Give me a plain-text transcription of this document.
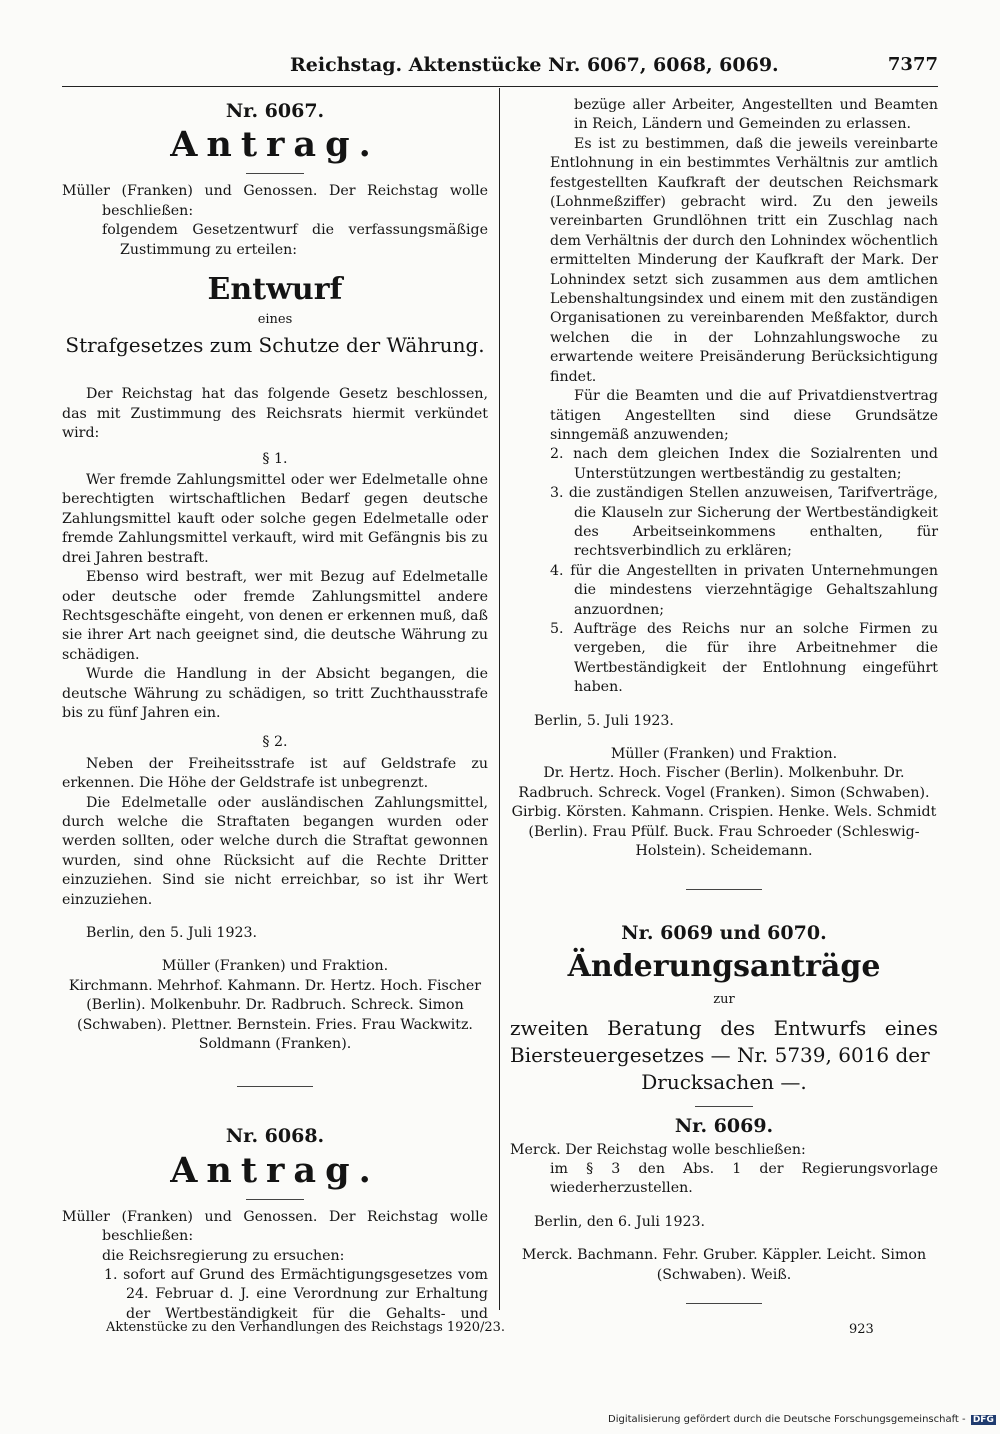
Reichstag. Aktenstücke Nr. 6067, 6068, 6069.	7377
Nr. 6067.
Antrag.

Müller (Franken) und Genossen. Der Reichstag wolle beschließen:

folgendem Gesetzentwurf die verfassungsmäßige Zustimmung zu erteilen:

Entwurf
eines
Strafgesetzes zum Schutze der Währung.

Der Reichstag hat das folgende Gesetz beschlossen, das mit Zustimmung des Reichsrats hiermit verkündet wird:

§ 1.

Wer fremde Zahlungsmittel oder wer Edelmetalle ohne berechtigten wirtschaftlichen Bedarf gegen deutsche Zahlungsmittel kauft oder solche gegen Edelmetalle oder fremde Zahlungsmittel verkauft, wird mit Gefängnis bis zu drei Jahren bestraft.

Ebenso wird bestraft, wer mit Bezug auf Edelmetalle oder deutsche oder fremde Zahlungsmittel andere Rechtsgeschäfte eingeht, von denen er erkennen muß, daß sie ihrer Art nach geeignet sind, die deutsche Währung zu schädigen.

Wurde die Handlung in der Absicht begangen, die deutsche Währung zu schädigen, so tritt Zuchthausstrafe bis zu fünf Jahren ein.

§ 2.

Neben der Freiheitsstrafe ist auf Geldstrafe zu erkennen. Die Höhe der Geldstrafe ist unbegrenzt.

Die Edelmetalle oder ausländischen Zahlungsmittel, durch welche die Straftaten begangen wurden oder werden sollten, oder welche durch die Straftat gewonnen wurden, sind ohne Rücksicht auf die Rechte Dritter einzuziehen. Sind sie nicht erreichbar, so ist ihr Wert einzuziehen.

Berlin, den 5. Juli 1923.

Müller (Franken) und Fraktion.

Kirchmann. Mehrhof. Kahmann. Dr. Hertz. Hoch. Fischer (Berlin). Molkenbuhr. Dr. Radbruch. Schreck. Simon (Schwaben). Plettner. Bernstein. Fries. Frau Wackwitz. Soldmann (Franken).

Nr. 6068.
Antrag.

Müller (Franken) und Genossen. Der Reichstag wolle beschließen:

die Reichsregierung zu ersuchen:

1. sofort auf Grund des Ermächtigungsgesetzes vom 24. Februar d. J. eine Verordnung zur Erhaltung der Wertbeständigkeit für die Gehalts- und

bezüge aller Arbeiter, Angestellten und Beamten in Reich, Ländern und Gemeinden zu erlassen.

Es ist zu bestimmen, daß die jeweils vereinbarte Entlohnung in ein bestimmtes Verhältnis zur amtlich festgestellten Kaufkraft der deutschen Reichsmark (Lohnmeßziffer) gebracht wird. Zu den jeweils vereinbarten Grundlöhnen tritt ein Zuschlag nach dem Verhältnis der durch den Lohnindex wöchentlich ermittelten Minderung der Kaufkraft der Mark. Der Lohnindex setzt sich zusammen aus dem amtlichen Lebenshaltungsindex und einem mit den zuständigen Organisationen zu vereinbarenden Meßfaktor, durch welchen die in der Lohnzahlungswoche zu erwartende weitere Preisänderung Berücksichtigung findet.

Für die Beamten und die auf Privatdienstvertrag tätigen Angestellten sind diese Grundsätze sinngemäß anzuwenden;

2. nach dem gleichen Index die Sozialrenten und Unterstützungen wertbeständig zu gestalten;

3. die zuständigen Stellen anzuweisen, Tarifverträge, die Klauseln zur Sicherung der Wertbeständigkeit des Arbeitseinkommens enthalten, für rechtsverbindlich zu erklären;

4. für die Angestellten in privaten Unternehmungen die mindestens vierzehntägige Gehaltszahlung anzuordnen;

5. Aufträge des Reichs nur an solche Firmen zu vergeben, die für ihre Arbeitnehmer die Wertbeständigkeit der Entlohnung eingeführt haben.

Berlin, 5. Juli 1923.

Müller (Franken) und Fraktion.

Dr. Hertz. Hoch. Fischer (Berlin). Molkenbuhr. Dr. Radbruch. Schreck. Vogel (Franken). Simon (Schwaben). Girbig. Körsten. Kahmann. Crispien. Henke. Wels. Schmidt (Berlin). Frau Pfülf. Buck. Frau Schroeder (Schleswig-Holstein). Scheidemann.

Nr. 6069 und 6070.
Änderungsanträge
zur
zweiten Beratung des Entwurfs eines Biersteuergesetzes — Nr. 5739, 6016 der
Drucksachen —.
Nr. 6069.

Merck. Der Reichstag wolle beschließen:

im § 3 den Abs. 1 der Regierungsvorlage wiederherzustellen.

Berlin, den 6. Juli 1923.

Merck. Bachmann. Fehr. Gruber. Käppler. Leicht. Simon (Schwaben). Weiß.

Aktenstücke zu den Verhandlungen des Reichstags 1920/23.	923
Digitalisierung gefördert durch die Deutsche Forschungsgemeinschaft - DFG
